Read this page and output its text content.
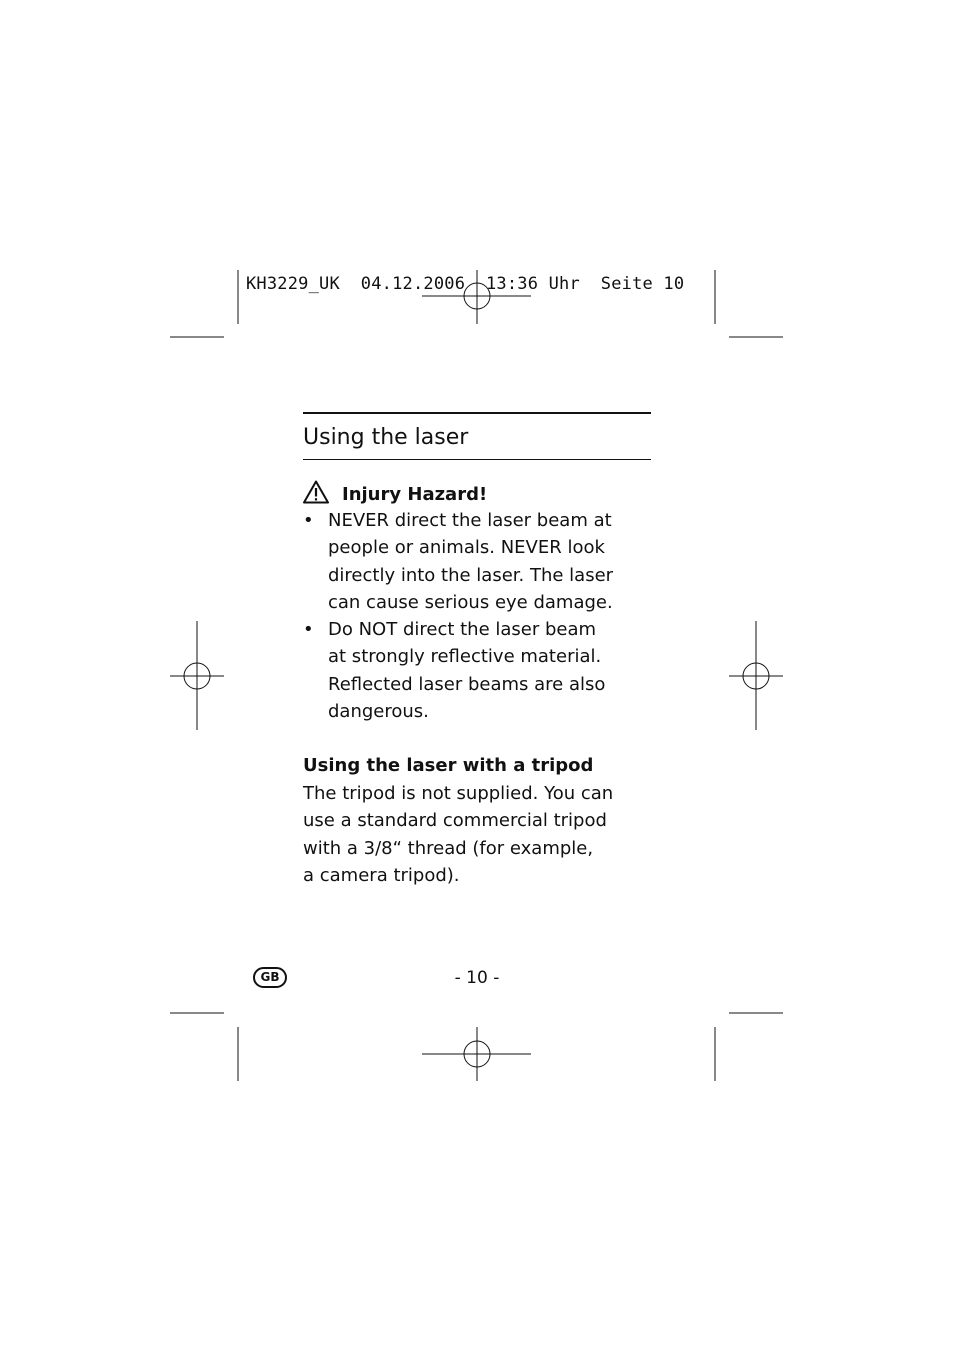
KH3229_UK  04.12.2006  13:36 Uhr  Seite 10
Using the laser
Injury Hazard!
• NEVER direct the laser beam at
people or animals. NEVER look
directly into the laser. The laser
can cause serious eye damage.
• Do NOT direct the laser beam
at strongly reflective material.
Reflected laser beams are also
dangerous.
Using the laser with a tripod

The tripod is not supplied. You can
use a standard commercial tripod
with a 3/8“ thread (for example,
a camera tripod).

GB	- 10 -
